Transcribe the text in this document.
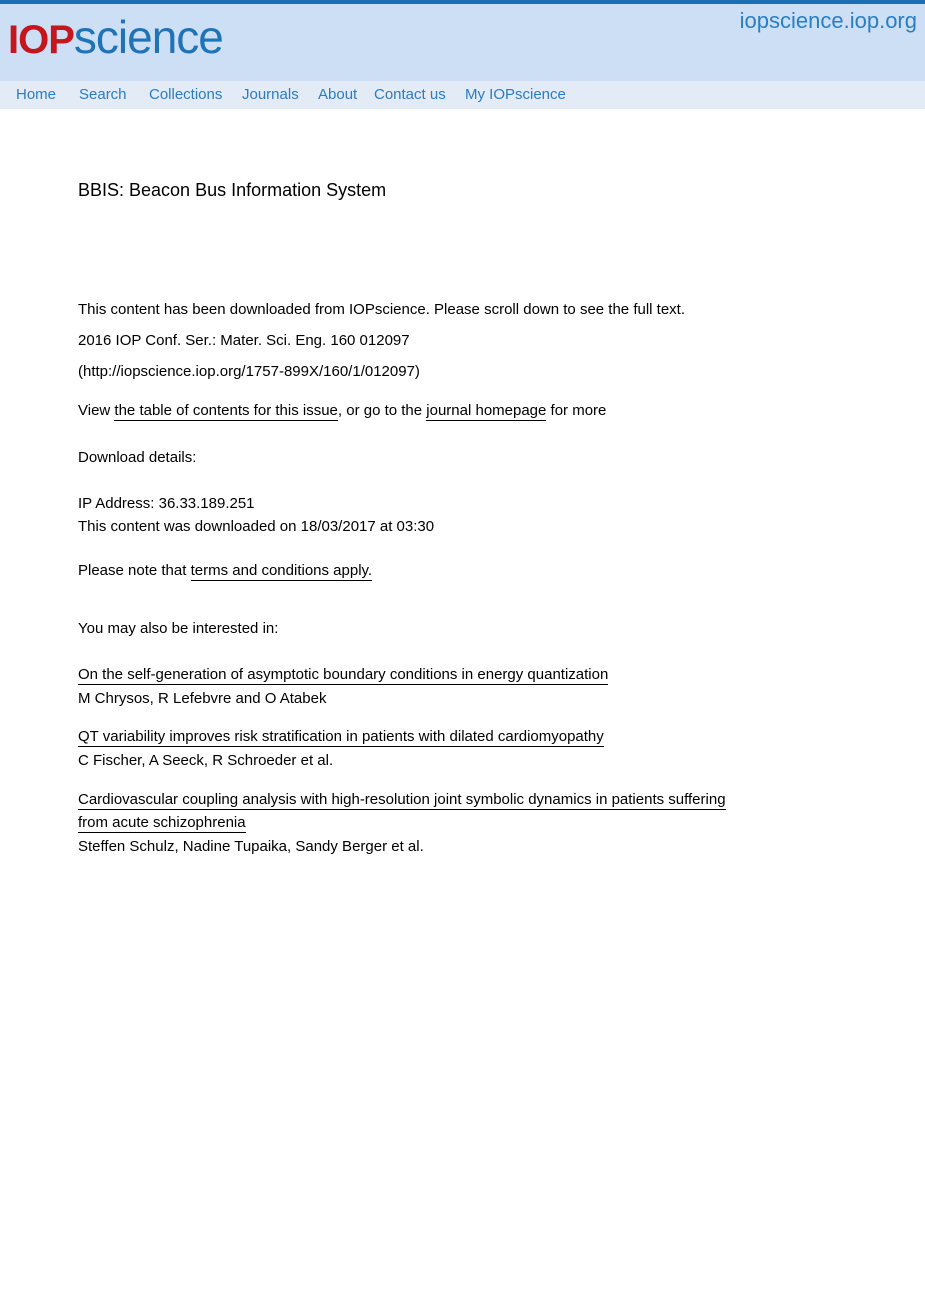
IOP science	iopscience.iop.org
Home Search Collections Journals About Contact us My IOPscience
BBIS: Beacon Bus Information System
This content has been downloaded from IOPscience. Please scroll down to see the full text.
2016 IOP Conf. Ser.: Mater. Sci. Eng. 160 012097
(http://iopscience.iop.org/1757-899X/160/1/012097)
View the table of contents for this issue, or go to the journal homepage for more
Download details:
IP Address: 36.33.189.251
This content was downloaded on 18/03/2017 at 03:30
Please note that terms and conditions apply.
You may also be interested in:
On the self-generation of asymptotic boundary conditions in energy quantization
M Chrysos, R Lefebvre and O Atabek
QT variability improves risk stratification in patients with dilated cardiomyopathy
C Fischer, A Seeck, R Schroeder et al.
Cardiovascular coupling analysis with high-resolution joint symbolic dynamics in patients suffering
from acute schizophrenia
Steffen Schulz, Nadine Tupaika, Sandy Berger et al.
